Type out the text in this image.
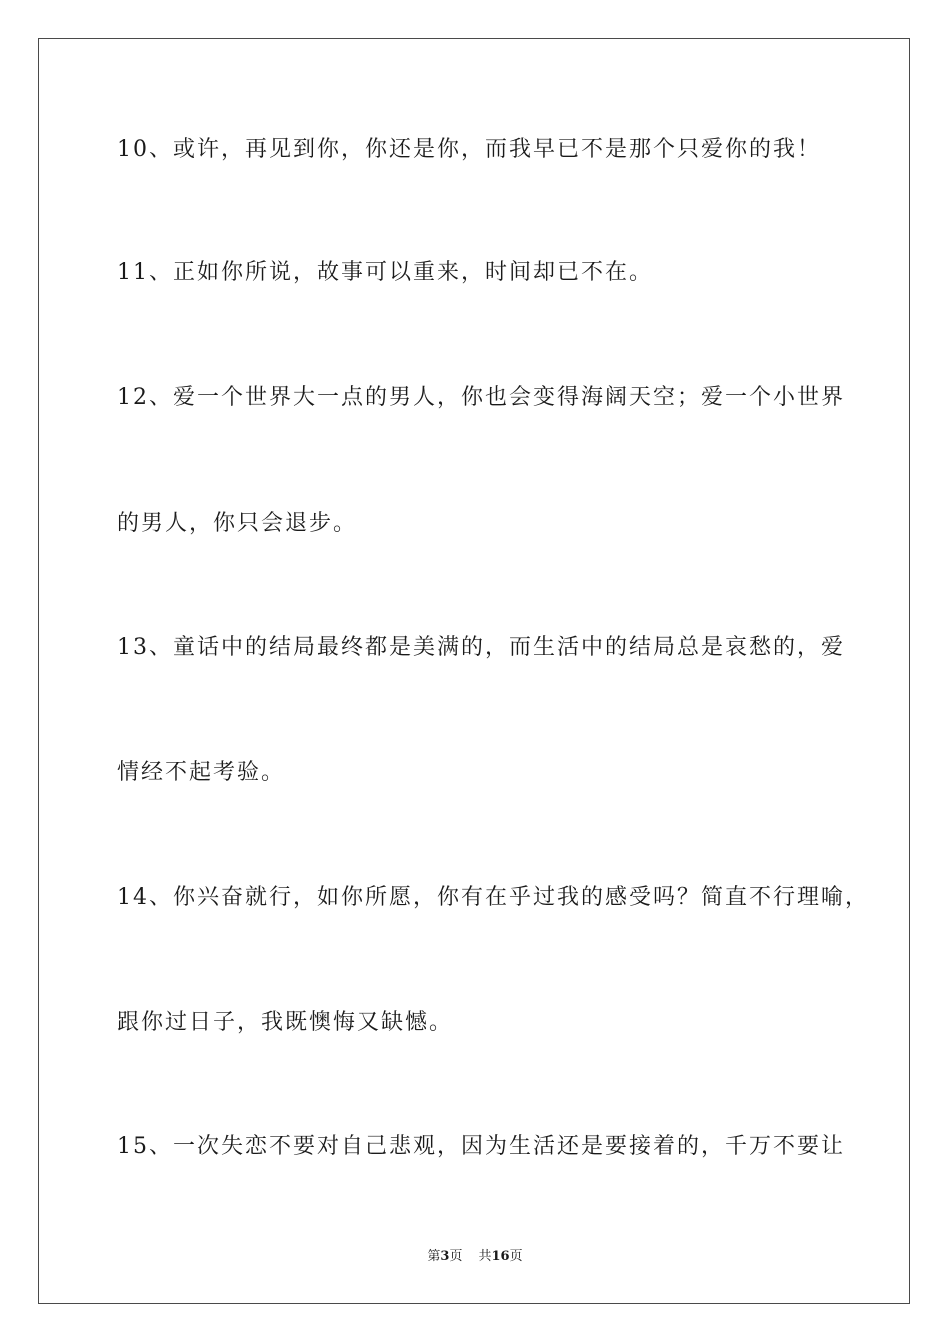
10、或许，再见到你，你还是你，而我早已不是那个只爱你的我！
11、正如你所说，故事可以重来，时间却已不在。
12、爱一个世界大一点的男人，你也会变得海阔天空；爱一个小世界
的男人，你只会退步。
13、童话中的结局最终都是美满的，而生活中的结局总是哀愁的，爱
情经不起考验。
14、你兴奋就行，如你所愿，你有在乎过我的感受吗？简直不行理喻，
跟你过日子，我既懊悔又缺憾。
15、一次失恋不要对自己悲观，因为生活还是要接着的，千万不要让
第3页 共16页
